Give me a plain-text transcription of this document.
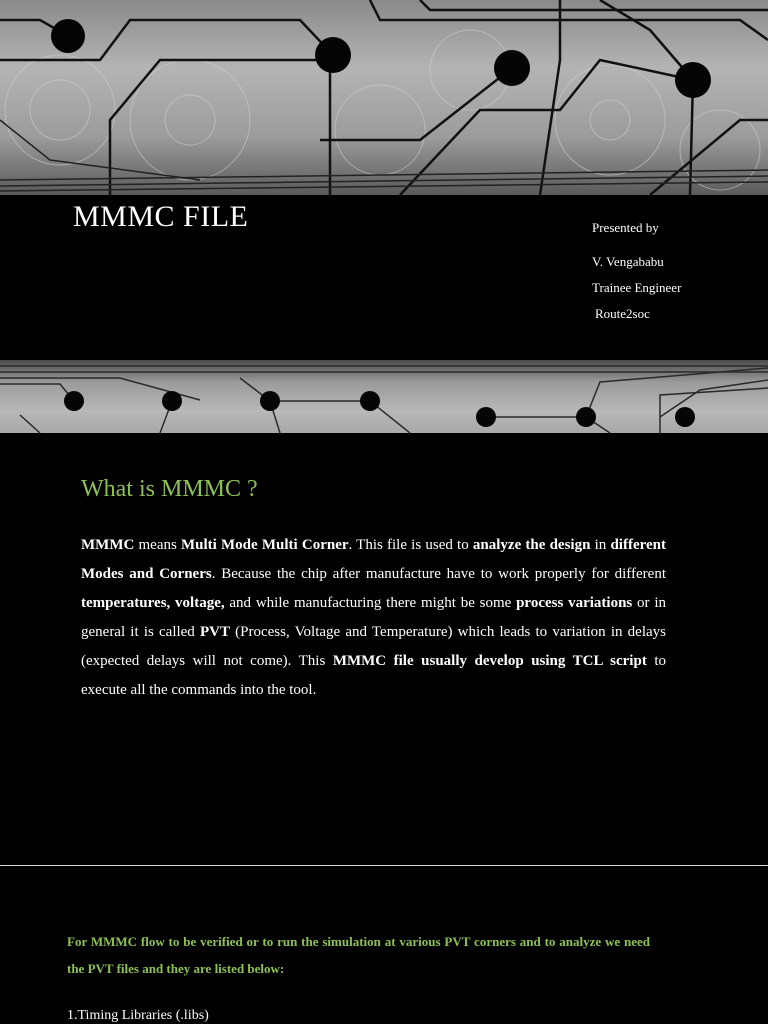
MMMC FILE	Presented by
V. Vengababu
Trainee Engineer
Route2soc
What is MMMC ?

MMMC means Multi Mode Multi Corner. This file is used to analyze the design in different Modes and Corners. Because the chip after manufacture have to work properly for different temperatures, voltage, and while manufacturing there might be some process variations or in general it is called PVT (Process, Voltage and Temperature) which leads to variation in delays (expected delays will not come). This MMMC file usually develop using TCL script to execute all the commands into the tool.

For MMMC flow to be verified or to run the simulation at various PVT corners and to analyze we need the PVT files and they are listed below:

1.Timing Libraries (.libs)
